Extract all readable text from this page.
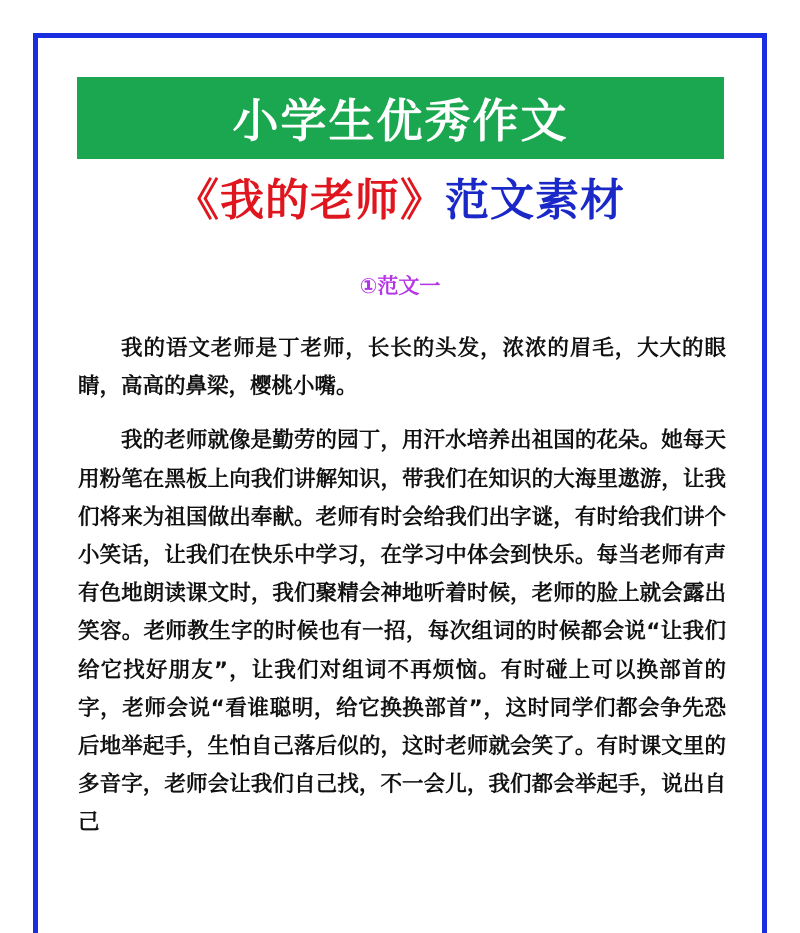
小学生优秀作文
《我的老师》范文素材
①范文一

我的语文老师是丁老师，长长的头发，浓浓的眉毛，大大的眼睛，高高的鼻梁，樱桃小嘴。

我的老师就像是勤劳的园丁，用汗水培养出祖国的花朵。她每天用粉笔在黑板上向我们讲解知识，带我们在知识的大海里遨游，让我们将来为祖国做出奉献。老师有时会给我们出字谜，有时给我们讲个小笑话，让我们在快乐中学习，在学习中体会到快乐。每当老师有声有色地朗读课文时，我们聚精会神地听着时候，老师的脸上就会露出笑容。老师教生字的时候也有一招，每次组词的时候都会说“让我们给它找好朋友”，让我们对组词不再烦恼。有时碰上可以换部首的字，老师会说“看谁聪明，给它换换部首”，这时同学们都会争先恐后地举起手，生怕自己落后似的，这时老师就会笑了。有时课文里的多音字，老师会让我们自己找，不一会儿，我们都会举起手，说出自己
